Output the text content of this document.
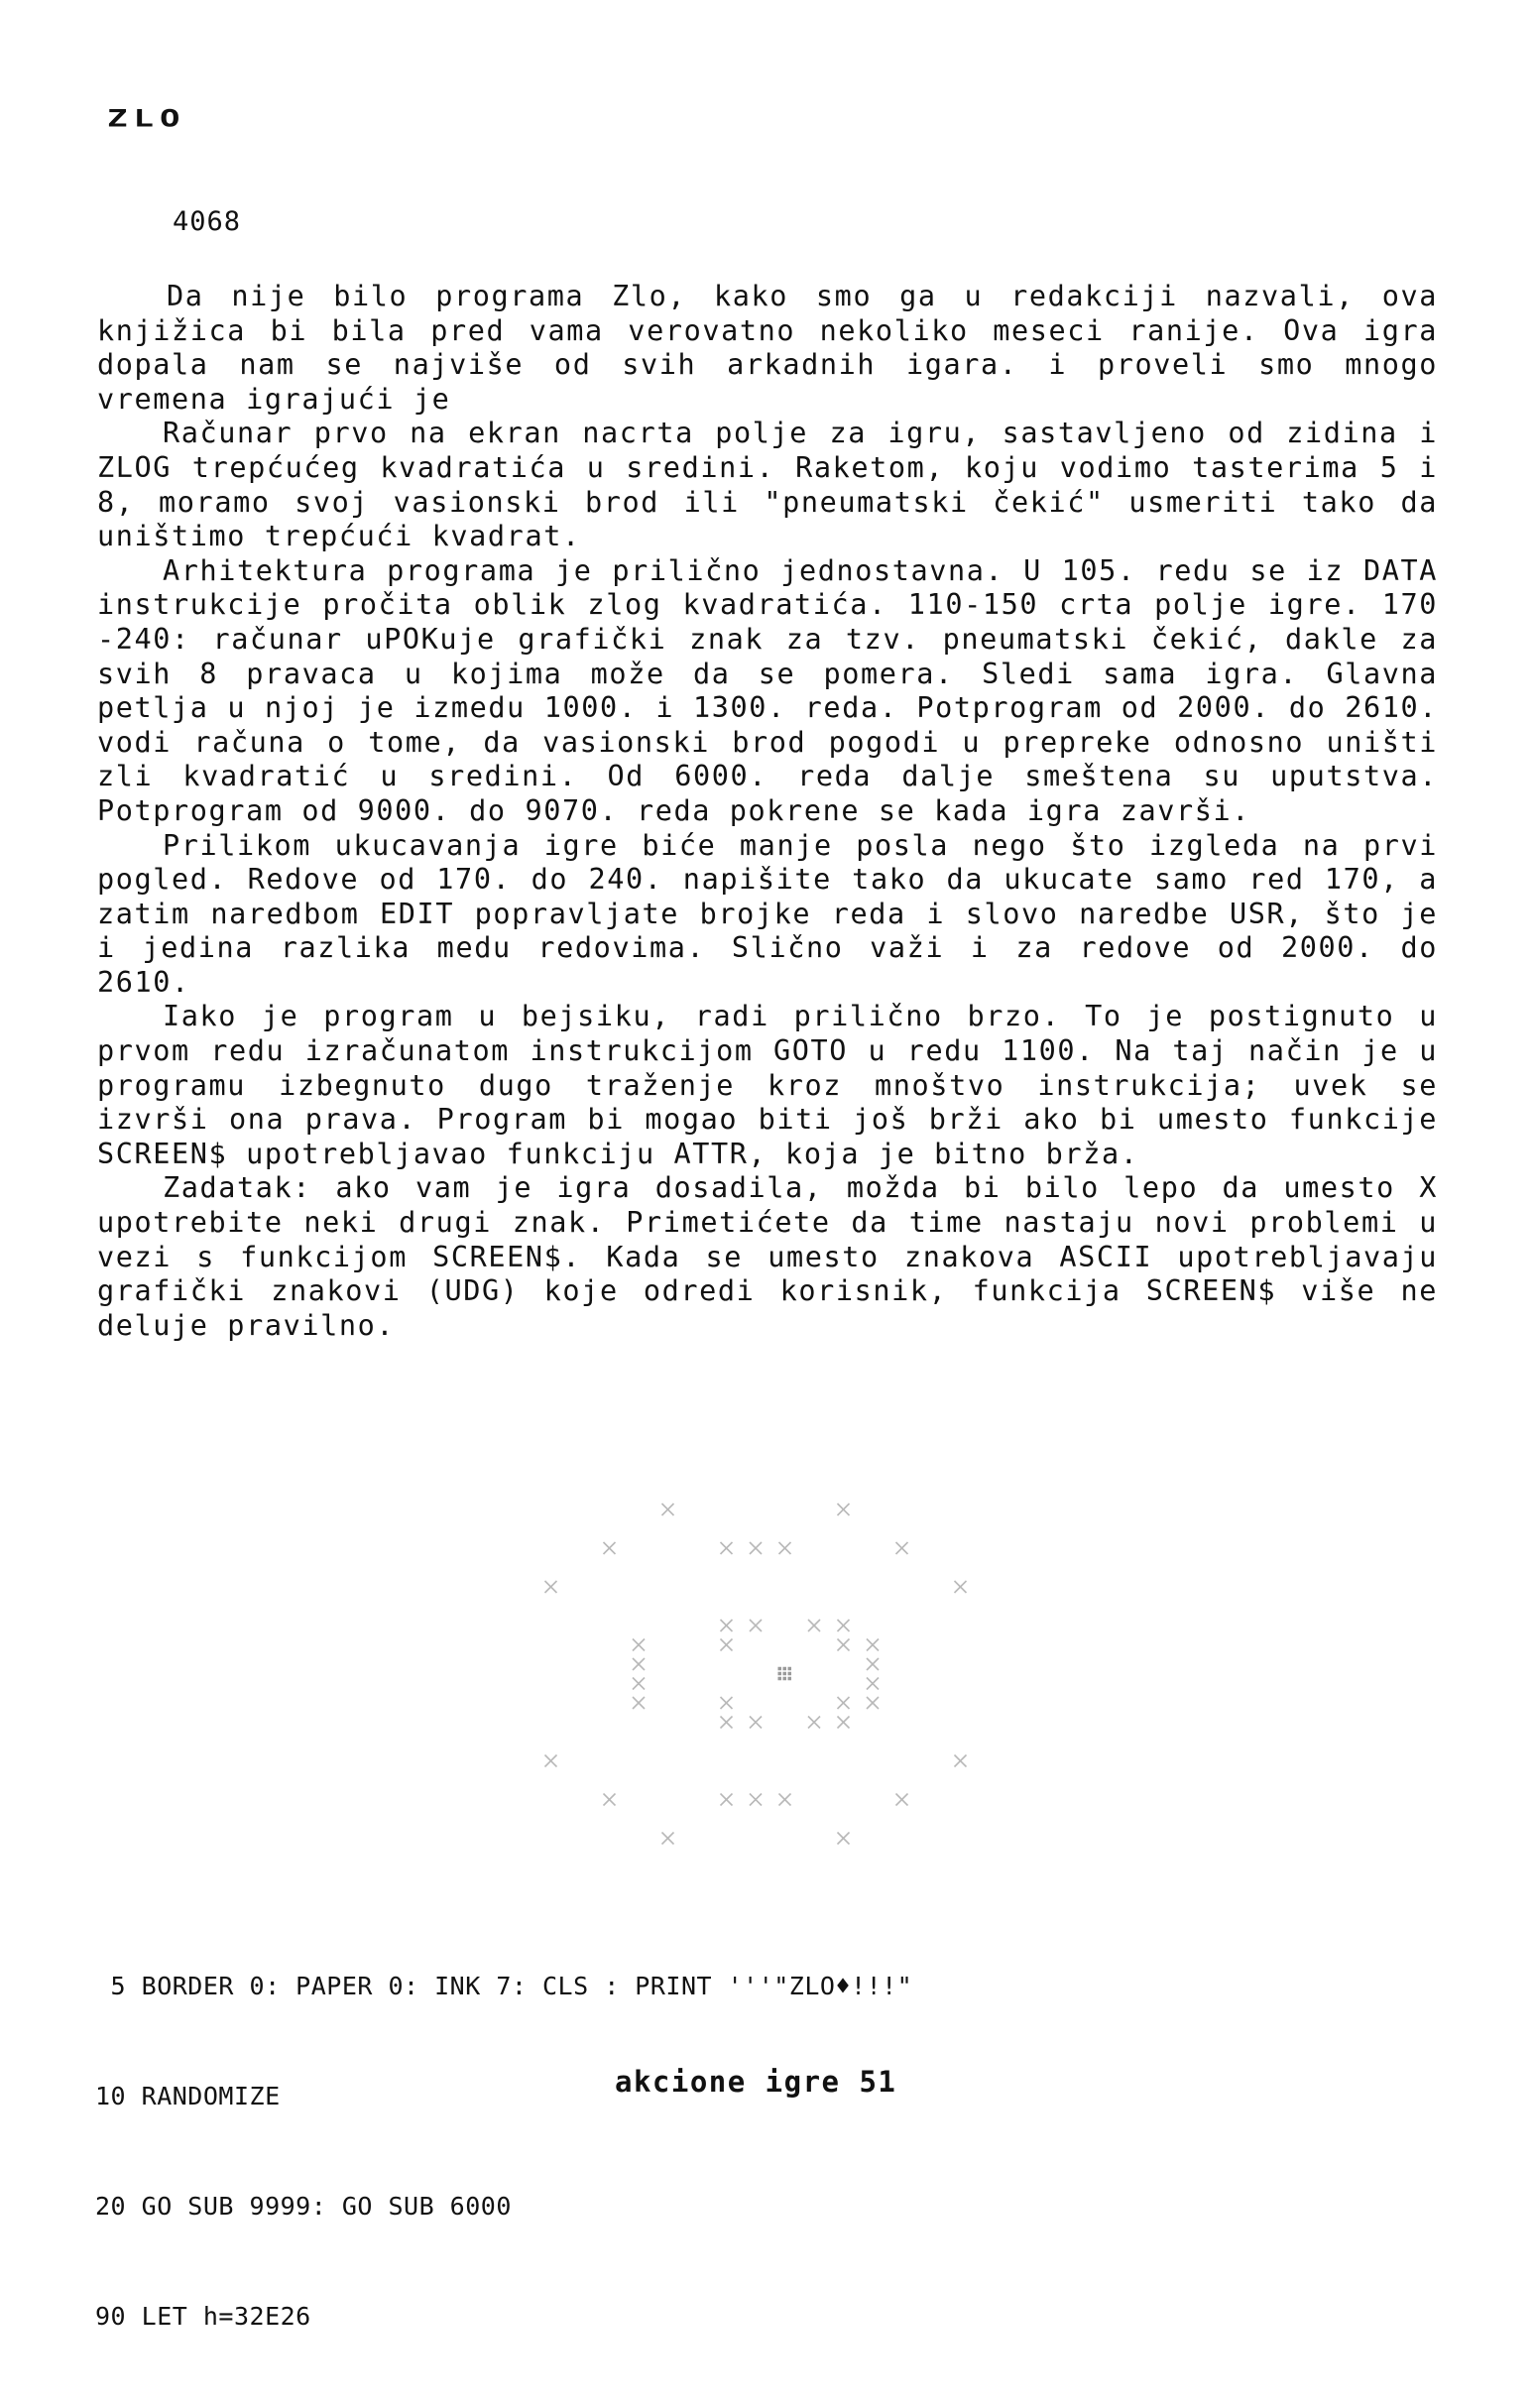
ZLO
4068

Da nije bilo programa Zlo, kako smo ga u redakciji nazvali, ova knjižica bi bila pred vama verovatno nekoliko meseci ranije. Ova igra dopala nam se najviše od svih arkadnih igara. i proveli smo mnogo vremena igrajući je

Računar prvo na ekran nacrta polje za igru, sastavljeno od zidina i ZLOG trepćućeg kvadratića u sredini. Raketom, koju vodimo tasterima 5 i 8, moramo svoj vasionski brod ili "pneumatski čekić" usmeriti tako da uništimo trepćući kvadrat.

Arhitektura programa je prilično jednostavna. U 105. redu se iz DATA instrukcije pročita oblik zlog kvadratića. 110-150 crta polje igre. 170 -240: računar uPOKuje grafički znak za tzv. pneumatski čekić, dakle za svih 8 pravaca u kojima može da se pomera. Sledi sama igra. Glavna petlja u njoj je izmedu 1000. i 1300. reda. Potprogram od 2000. do 2610. vodi računa o tome, da vasionski brod pogodi u prepreke odnosno uništi zli kvadratić u sredini. Od 6000. reda dalje smeštena su uputstva. Potprogram od 9000. do 9070. reda pokrene se kada igra završi.

Prilikom ukucavanja igre biće manje posla nego što izgleda na prvi pogled. Redove od 170. do 240. napišite tako da ukucate samo red 170, a zatim naredbom EDIT popravljate brojke reda i slovo naredbe USR, što je i jedina razlika medu redovima. Slično važi i za redove od 2000. do 2610.

Iako je program u bejsiku, radi prilično brzo. To je postignuto u prvom redu izračunatom instrukcijom GOTO u redu 1100. Na taj način je u programu izbegnuto dugo traženje kroz mnoštvo instrukcija; uvek se izvrši ona prava. Program bi mogao biti još brži ako bi umesto funkcije SCREEN$ upotrebljavao funkciju ATTR, koja je bitno brža.

Zadatak: ako vam je igra dosadila, možda bi bilo lepo da umesto X upotrebite neki drugi znak. Primetićete da time nastaju novi problemi u vezi s funkcijom SCREEN$. Kada se umesto znakova ASCII upotrebljavaju grafički znakovi (UDG) koje odredi korisnik, funkcija SCREEN$ više ne deluje pravilno.

5 BORDER 0: PAPER 0: INK 7: CLS : PRINT '''"ZLO♦!!!"

10 RANDOMIZE

20 GO SUB 9999: GO SUB 6000

90 LET h=32E26

akcione igre 51
